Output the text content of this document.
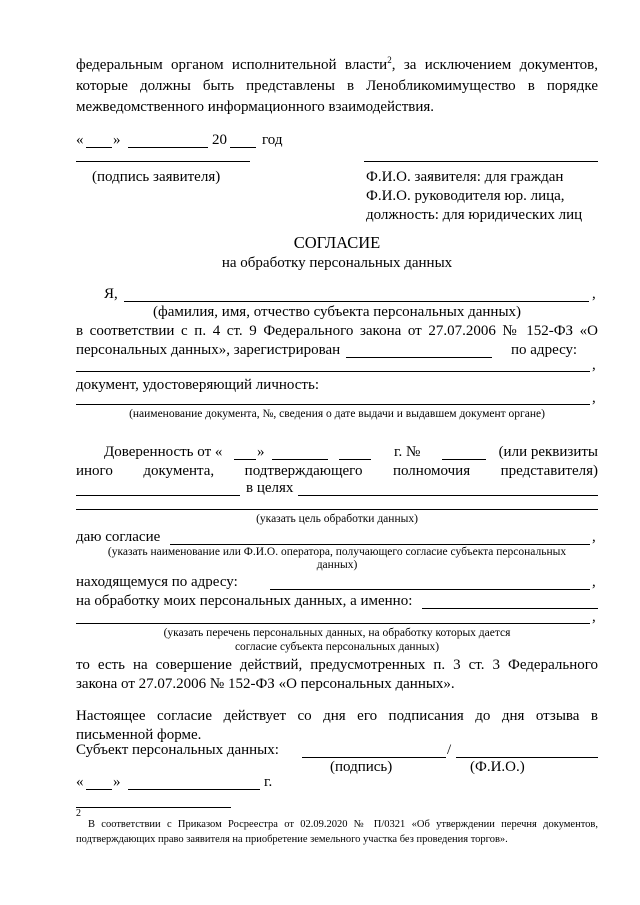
федеральным органом исполнительной власти$^2$, за исключением документов,
которые должны быть представлены в Ленобликомимущество в порядке
межведомственного информационного взаимодействия.
« »	20 год
(подпись заявителя)	Ф.И.О. заявителя: для граждан
Ф.И.О. руководителя юр. лица,
должность: для юридических лиц
СОГЛАСИЕ
на обработку персональных данных
Я,	,
(фамилия, имя, отчество субъекта персональных данных)
в соответствии с п. 4 ст. 9 Федерального закона от 27.07.2006 № 152-ФЗ «О
персональных данных», зарегистрирован	по адресу:
,
документ, удостоверяющий личность:
,
(наименование документа, №, сведения о дате выдачи и выдавшем документ органе)
Доверенность от « »	г. №	(или реквизиты
иного документа, подтверждающего полномочия представителя)
в целях
(указать цель обработки данных)
даю согласие	,
(указать наименование или Ф.И.О. оператора, получающего согласие субъекта персональных
данных)
находящемуся по адресу:	,
на обработку моих персональных данных, а именно:
,
(указать перечень персональных данных, на обработку которых дается
согласие субъекта персональных данных)
то есть на совершение действий, предусмотренных п. 3 ст. 3 Федерального
закона от 27.07.2006 № 152-ФЗ «О персональных данных».
Настоящее согласие действует со дня его подписания до дня отзыва в
письменной форме.
Субъект персональных данных:	/
(подпись)	(Ф.И.О.)
« »	г.
2
В соответствии с Приказом Росреестра от 02.09.2020 № П/0321 «Об утверждении перечня документов, подтверждающих право заявителя на приобретение земельного участка без проведения торгов».
